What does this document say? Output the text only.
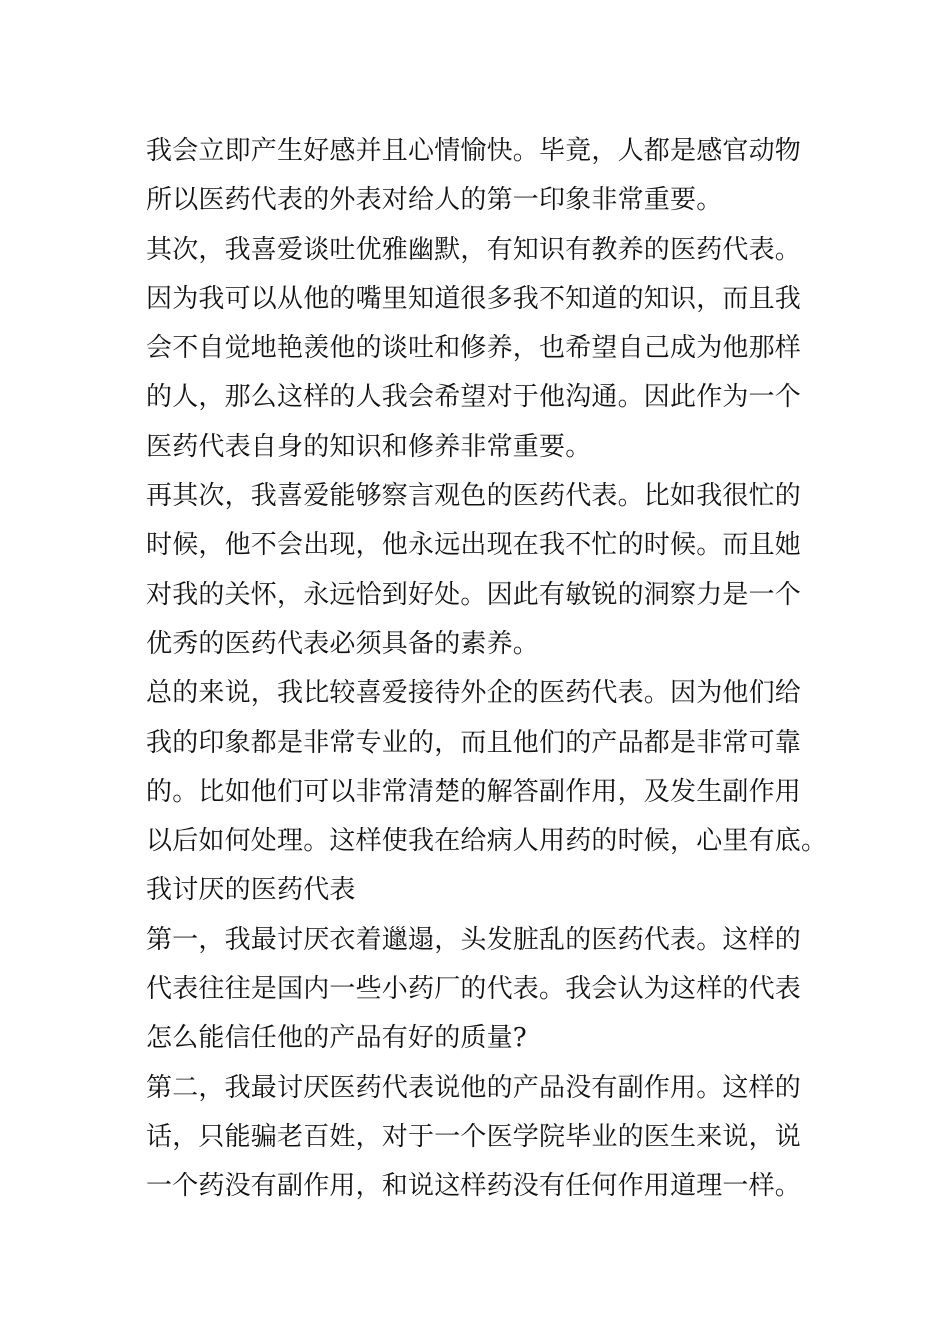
我会立即产生好感并且心情愉快。毕竟，人都是感官动物
所以医药代表的外表对给人的第一印象非常重要。
其次，我喜爱谈吐优雅幽默，有知识有教养的医药代表。
因为我可以从他的嘴里知道很多我不知道的知识，而且我
会不自觉地艳羡他的谈吐和修养，也希望自己成为他那样
的人，那么这样的人我会希望对于他沟通。因此作为一个
医药代表自身的知识和修养非常重要。
再其次，我喜爱能够察言观色的医药代表。比如我很忙的
时候，他不会出现，他永远出现在我不忙的时候。而且她
对我的关怀，永远恰到好处。因此有敏锐的洞察力是一个
优秀的医药代表必须具备的素养。
总的来说，我比较喜爱接待外企的医药代表。因为他们给
我的印象都是非常专业的，而且他们的产品都是非常可靠
的。比如他们可以非常清楚的解答副作用，及发生副作用
以后如何处理。这样使我在给病人用药的时候，心里有底。
我讨厌的医药代表
第一，我最讨厌衣着邋遢，头发脏乱的医药代表。这样的
代表往往是国内一些小药厂的代表。我会认为这样的代表
怎么能信任他的产品有好的质量?
第二，我最讨厌医药代表说他的产品没有副作用。这样的
话，只能骗老百姓，对于一个医学院毕业的医生来说，说
一个药没有副作用，和说这样药没有任何作用道理一样。
